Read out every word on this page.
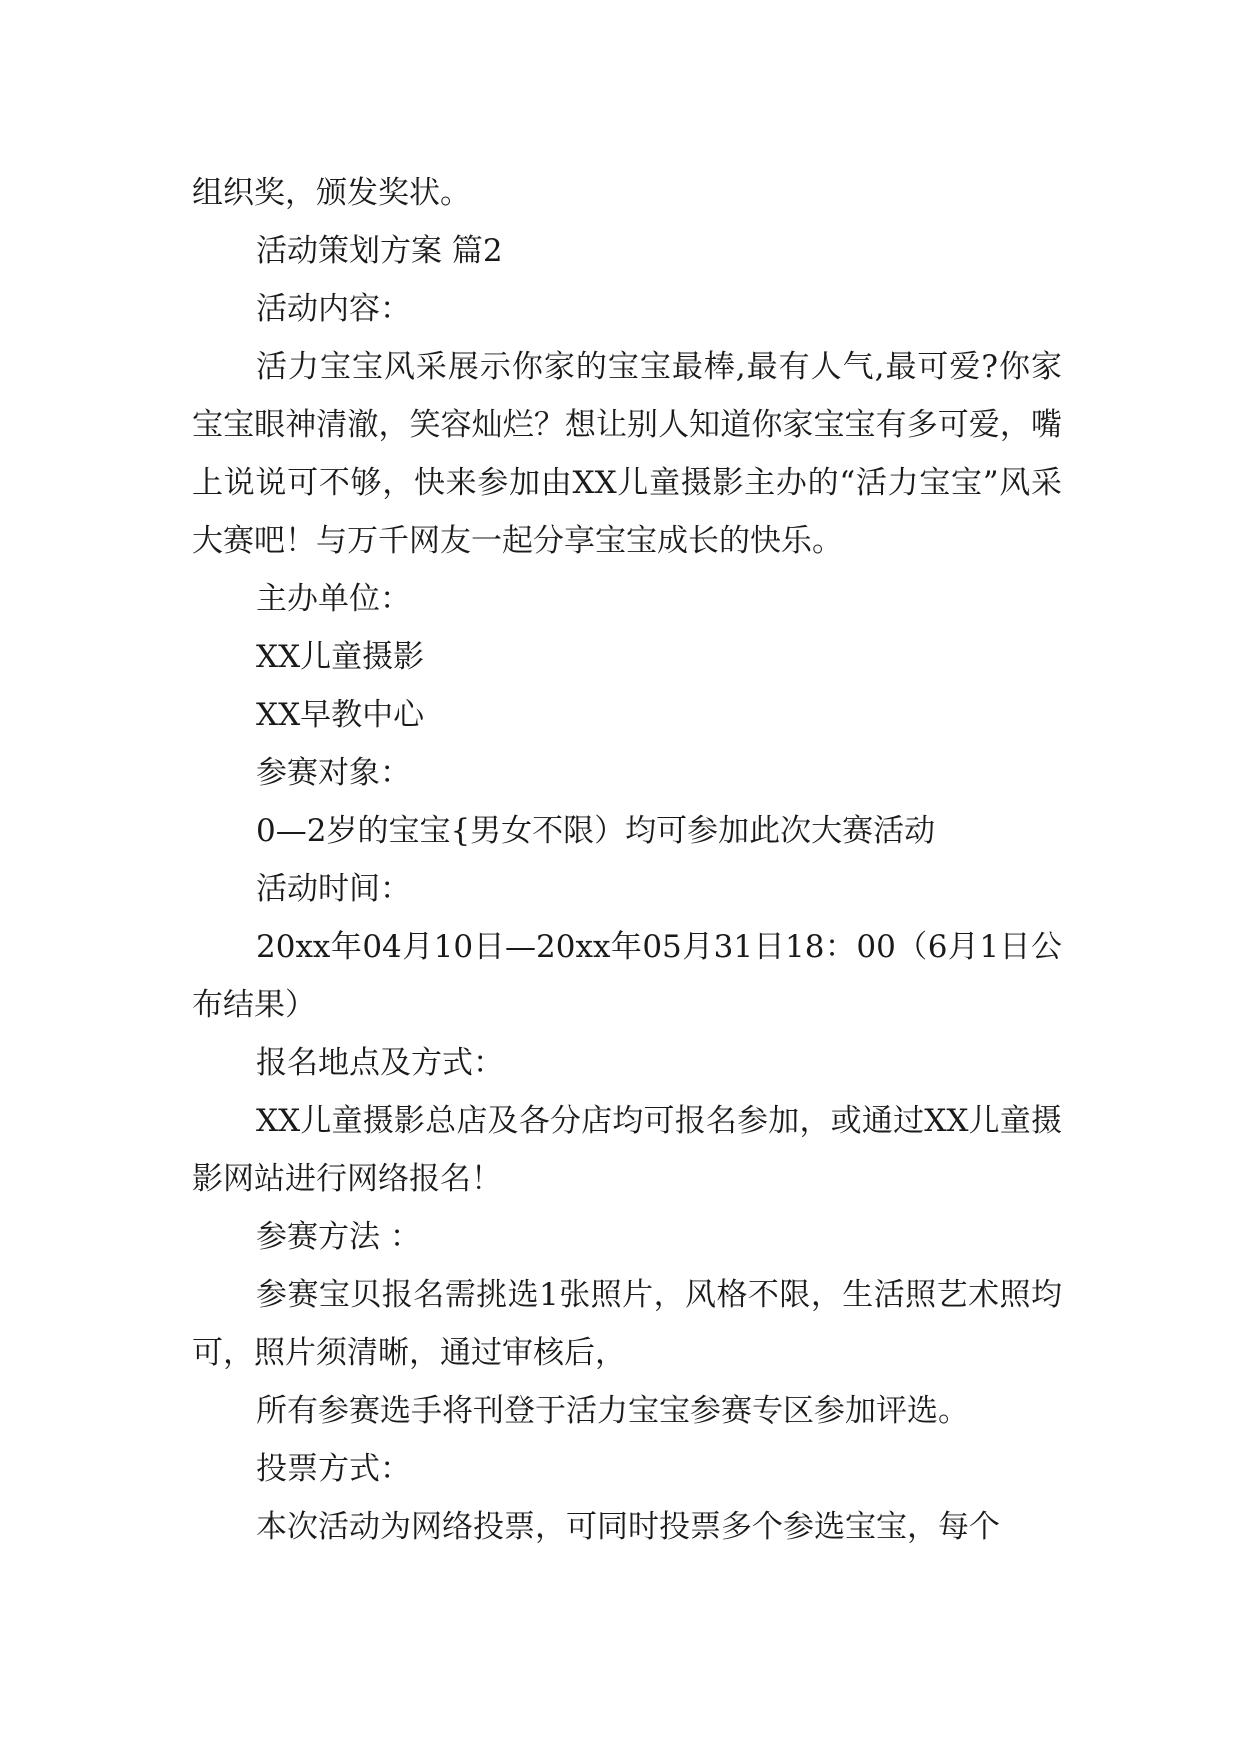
组织奖，颁发奖状。

活动策划方案 篇2

活动内容：

活力宝宝风采展示你家的宝宝最棒,最有人气,最可爱?你家宝宝眼神清澈，笑容灿烂？想让别人知道你家宝宝有多可爱，嘴上说说可不够，快来参加由XX儿童摄影主办的“活力宝宝”风采大赛吧！与万千网友一起分享宝宝成长的快乐。

主办单位：

XX儿童摄影

XX早教中心

参赛对象：

0—2岁的宝宝{男女不限）均可参加此次大赛活动

活动时间：

20xx年04月10日—20xx年05月31日18：00（6月1日公布结果）

报名地点及方式：

XX儿童摄影总店及各分店均可报名参加，或通过XX儿童摄影网站进行网络报名！

参赛方法 ：

参赛宝贝报名需挑选1张照片，风格不限，生活照艺术照均可，照片须清晰，通过审核后，

所有参赛选手将刊登于活力宝宝参赛专区参加评选。

投票方式：

本次活动为网络投票，可同时投票多个参选宝宝，每个
